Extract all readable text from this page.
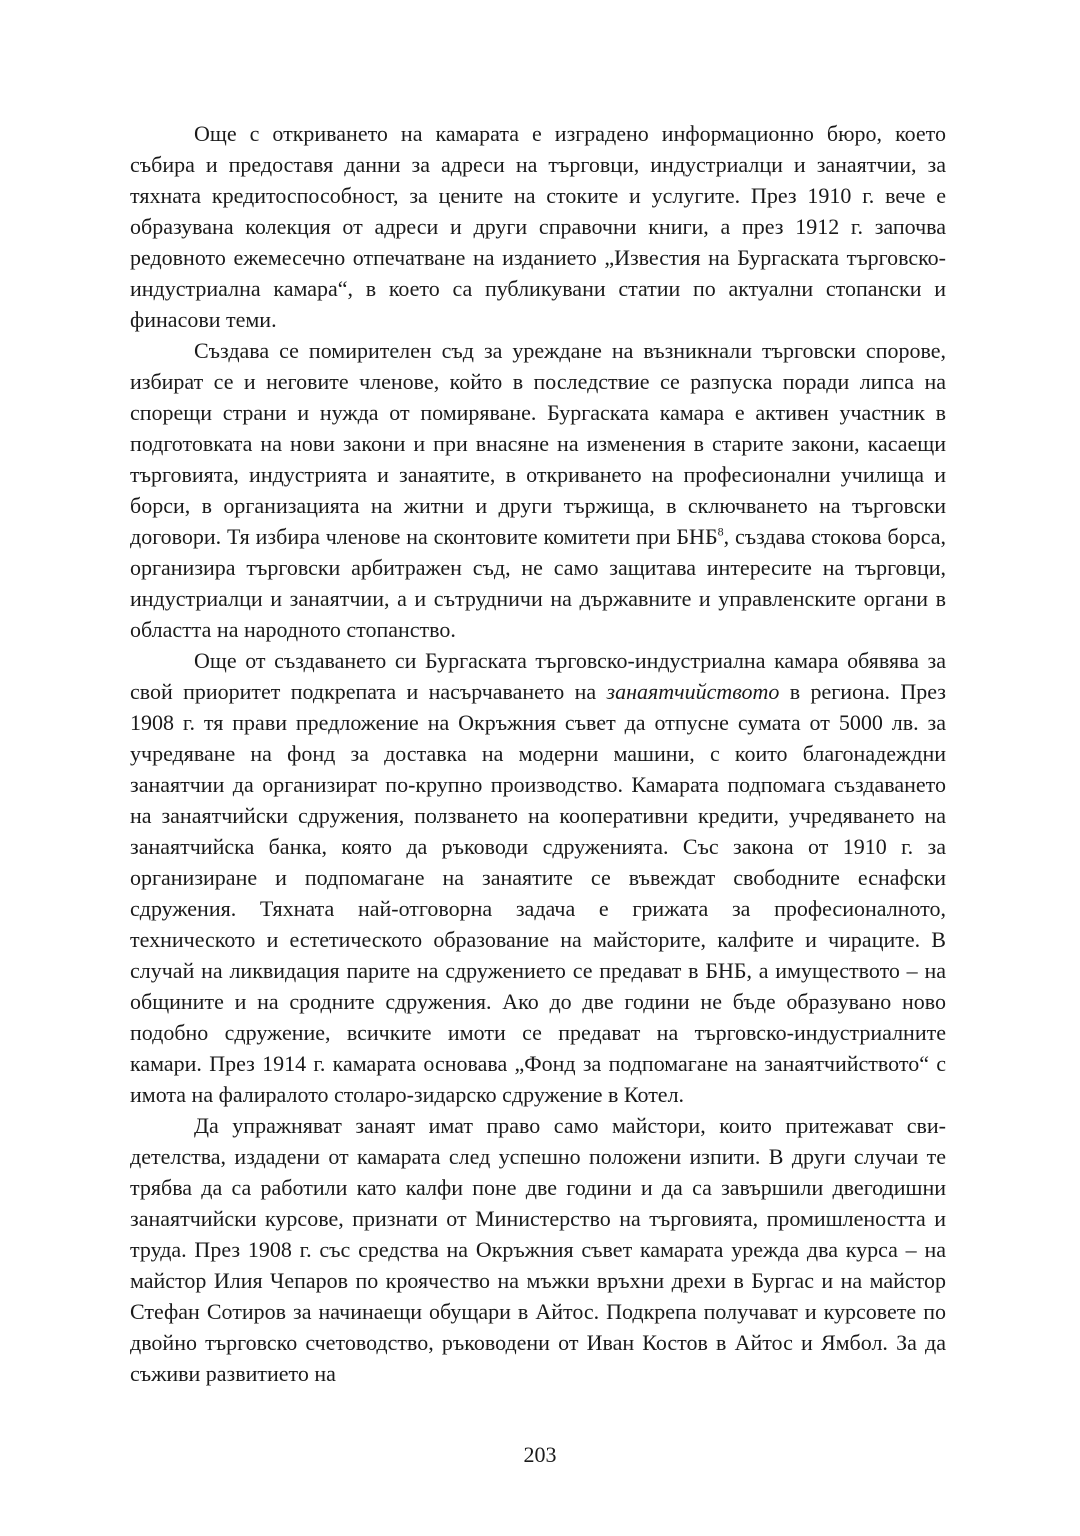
Още с откриването на камарата е изградено информационно бюро, което събира и предоставя данни за адреси на търговци, индустриалци и занаятчии, за тяхната кредитоспособност, за цените на стоките и услугите. През 1910 г. вече е образувана колекция от адреси и други справочни книги, а през 1912 г. започва редовното ежемесечно отпечатване на изданието „Известия на Бургаската търговско-индустриална камара“, в което са публикувани статии по актуални стопански и финасови теми.

Създава се помирителен съд за уреждане на възникнали търговски спорове, избират се и неговите членове, който в последствие се разпуска поради липса на спорещи страни и нужда от помиряване. Бургаската камара е активен участник в подготовката на нови закони и при внасяне на изменения в старите закони, касаещи търговията, индустрията и занаятите, в откриването на професионални училища и борси, в организацията на житни и други тържища, в сключването на търговски договори. Тя избира членове на сконтовите комитети при БНБ$^8$, създава стокова борса, организира търговски арбитражен съд, не само защитава интересите на търговци, индустриалци и занаятчии, а и сътрудничи на държавните и управленските органи в областта на народното стопанство.

Още от създаването си Бургаската търговско-индустриална камара обявява за свой приоритет подкрепата и насърчаването на занаятчийството в региона. През 1908 г. тя прави предложение на Окръжния съвет да отпусне сумата от 5000 лв. за учредяване на фонд за доставка на модерни машини, с които благонадеждни занаятчии да организират по-крупно производство. Камарата подпомага създаването на занаятчийски сдружения, ползването на кооперативни кредити, учредяването на занаятчийска банка, която да ръководи сдруженията. Със закона от 1910 г. за организиране и подпомагане на занаятите се въвеждат свободните еснафски сдружения. Тяхната най-отговорна задача е грижата за професионалното, техническото и естетическото образование на майсторите, калфите и чираците. В случай на ликвидация парите на сдружението се предават в БНБ, а имуществото – на общините и на сродните сдружения. Ако до две години не бъде образувано ново подобно сдружение, всичките имоти се предават на търговско-индустриалните камари. През 1914 г. камарата основава „Фонд за подпомагане на занаятчийството“ с имота на фалиралото столаро-зидарско сдружение в Котел.

Да упражняват занаят имат право само майстори, които притежават свидетелства, издадени от камарата след успешно положени изпити. В други случаи те трябва да са работили като калфи поне две години и да са завършили двегодишни занаятчийски курсове, признати от Министерство на търговията, промишлеността и труда. През 1908 г. със средства на Окръжния съвет камарата урежда два курса – на майстор Илия Чепаров по кроячество на мъжки връхни дрехи в Бургас и на майстор Стефан Сотиров за начинаещи обущари в Айтос. Подкрепа получават и курсовете по двойно търговско счетоводство, ръководени от Иван Костов в Айтос и Ямбол. За да съживи развитието на

203
